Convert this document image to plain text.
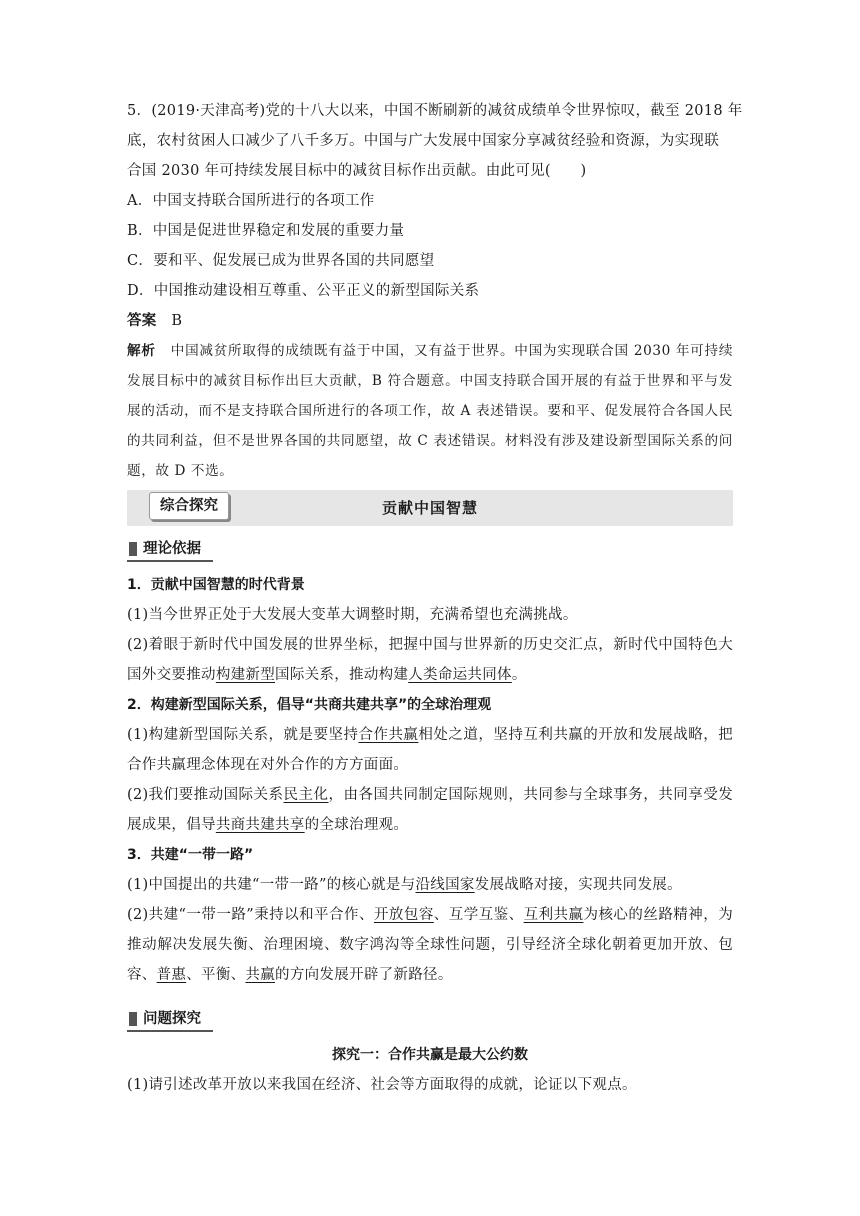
5．(2019·天津高考)党的十八大以来，中国不断刷新的减贫成绩单令世界惊叹，截至 2018 年
底，农村贫困人口减少了八千多万。中国与广大发展中国家分享减贫经验和资源，为实现联
合国 2030 年可持续发展目标中的减贫目标作出贡献。由此可见(　　)
A．中国支持联合国所进行的各项工作
B．中国是促进世界稳定和发展的重要力量
C．要和平、促发展已成为世界各国的共同愿望
D．中国推动建设相互尊重、公平正义的新型国际关系
答案 B
解析 中国减贫所取得的成绩既有益于中国，又有益于世界。中国为实现联合国 2030 年可持续发展目标中的减贫目标作出巨大贡献，B 符合题意。中国支持联合国开展的有益于世界和平与发展的活动，而不是支持联合国所进行的各项工作，故 A 表述错误。要和平、促发展符合各国人民的共同利益，但不是世界各国的共同愿望，故 C 表述错误。材料没有涉及建设新型国际关系的问题，故 D 不选。
综合探究	贡献中国智慧
理论依据
1．贡献中国智慧的时代背景
(1)当今世界正处于大发展大变革大调整时期，充满希望也充满挑战。
(2)着眼于新时代中国发展的世界坐标，把握中国与世界新的历史交汇点，新时代中国特色大国外交要推动构建新型国际关系，推动构建人类命运共同体。
2．构建新型国际关系，倡导“共商共建共享”的全球治理观
(1)构建新型国际关系，就是要坚持合作共赢相处之道，坚持互利共赢的开放和发展战略，把合作共赢理念体现在对外合作的方方面面。
(2)我们要推动国际关系民主化，由各国共同制定国际规则，共同参与全球事务，共同享受发展成果，倡导共商共建共享的全球治理观。
3．共建“一带一路”
(1)中国提出的共建“一带一路”的核心就是与沿线国家发展战略对接，实现共同发展。
(2)共建“一带一路”秉持以和平合作、开放包容、互学互鉴、互利共赢为核心的丝路精神，为推动解决发展失衡、治理困境、数字鸿沟等全球性问题，引导经济全球化朝着更加开放、包容、普惠、平衡、共赢的方向发展开辟了新路径。
问题探究
探究一：合作共赢是最大公约数
(1)请引述改革开放以来我国在经济、社会等方面取得的成就，论证以下观点。
